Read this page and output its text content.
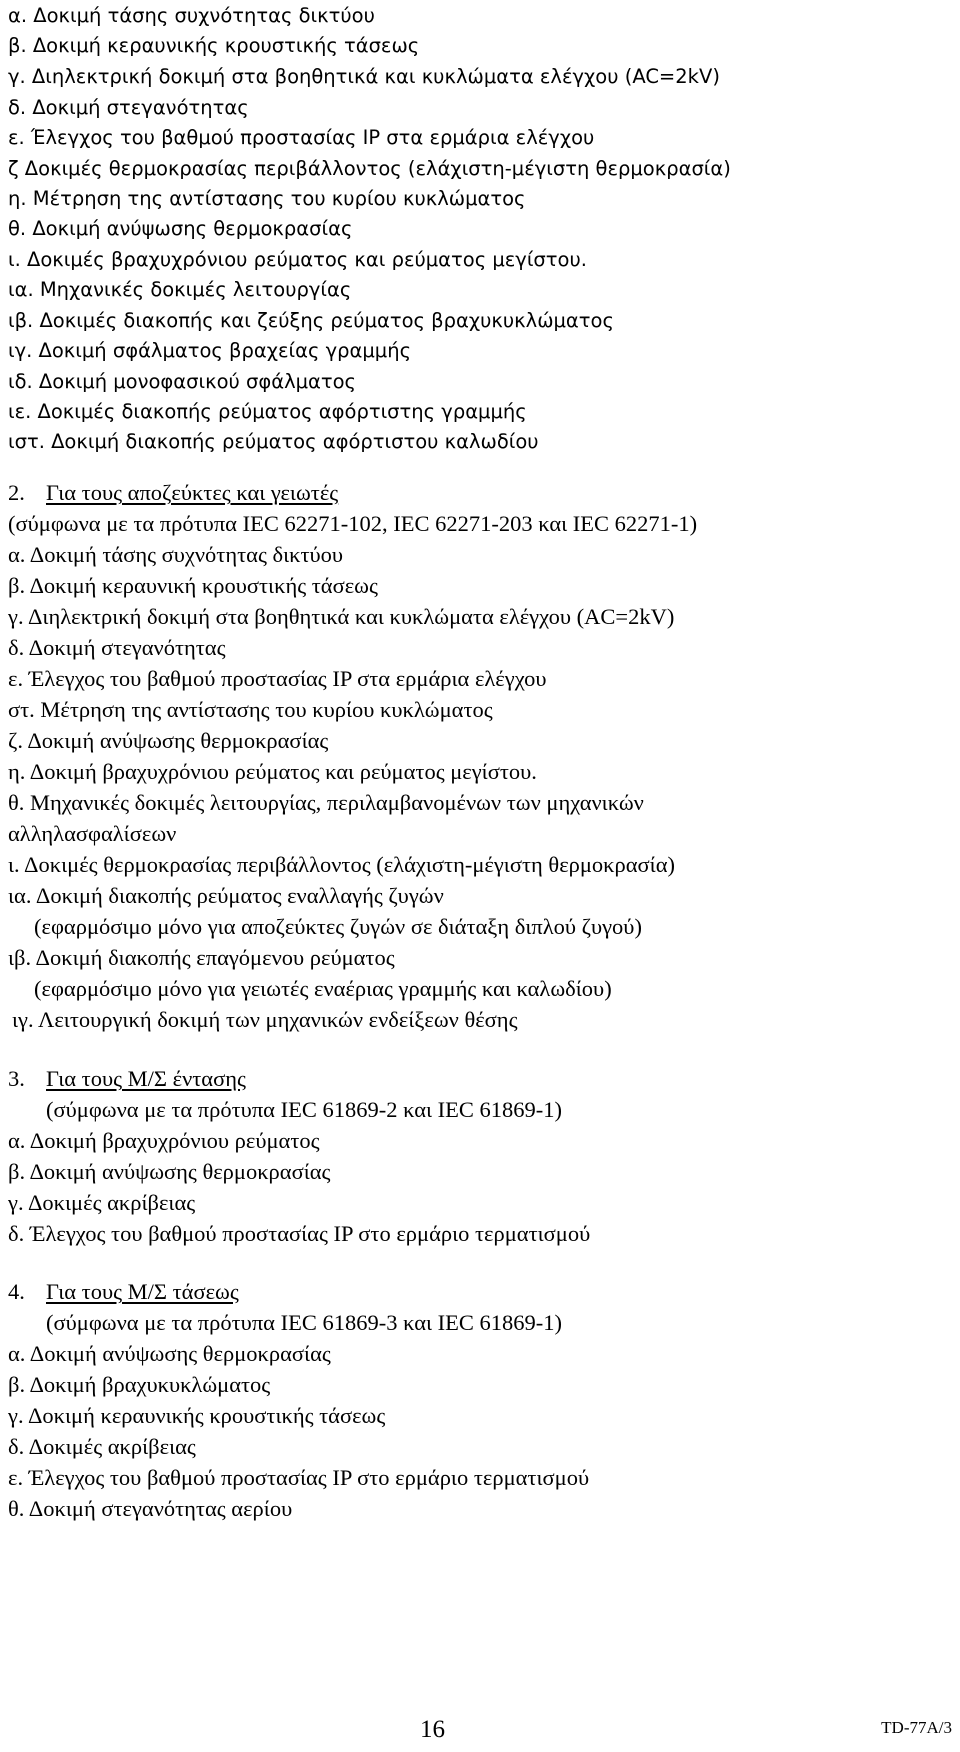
α. Δοκιμή τάσης συχνότητας δικτύου
β. Δοκιμή κεραυνικής κρουστικής τάσεως
γ. Διηλεκτρική δοκιμή στα βοηθητικά και κυκλώματα ελέγχου (AC=2kV)
δ. Δοκιμή στεγανότητας
ε. Έλεγχος του βαθμού προστασίας IP στα ερμάρια ελέγχου
ζ Δοκιμές θερμοκρασίας περιβάλλοντος (ελάχιστη-μέγιστη θερμοκρασία)
η. Μέτρηση της αντίστασης του κυρίου κυκλώματος
θ. Δοκιμή ανύψωσης θερμοκρασίας
ι. Δοκιμές βραχυχρόνιου ρεύματος και ρεύματος μεγίστου.
ια. Μηχανικές δοκιμές λειτουργίας
ιβ. Δοκιμές διακοπής και ζεύξης ρεύματος βραχυκυκλώματος
ιγ. Δοκιμή σφάλματος βραχείας γραμμής
ιδ. Δοκιμή μονοφασικού σφάλματος
ιε. Δοκιμές διακοπής ρεύματος αφόρτιστης γραμμής
ιστ. Δοκιμή διακοπής ρεύματος αφόρτιστου καλωδίου
2. Για τους αποζεύκτες και γειωτές
(σύμφωνα με τα πρότυπα IEC 62271-102, IEC 62271-203 και IEC 62271-1)
α. Δοκιμή τάσης συχνότητας δικτύου
β. Δοκιμή κεραυνική κρουστικής τάσεως
γ. Διηλεκτρική δοκιμή στα βοηθητικά και κυκλώματα ελέγχου (AC=2kV)
δ. Δοκιμή στεγανότητας
ε. Έλεγχος του βαθμού προστασίας IP στα ερμάρια ελέγχου
στ. Μέτρηση της αντίστασης του κυρίου κυκλώματος
ζ. Δοκιμή ανύψωσης θερμοκρασίας
η. Δοκιμή βραχυχρόνιου ρεύματος και ρεύματος μεγίστου.
θ. Μηχανικές δοκιμές λειτουργίας, περιλαμβανομένων των μηχανικών
αλληλασφαλίσεων
ι. Δοκιμές θερμοκρασίας περιβάλλοντος (ελάχιστη-μέγιστη θερμοκρασία)
ια. Δοκιμή διακοπής ρεύματος εναλλαγής ζυγών
(εφαρμόσιμο μόνο για αποζεύκτες ζυγών σε διάταξη διπλού ζυγού)
ιβ. Δοκιμή διακοπής επαγόμενου ρεύματος
(εφαρμόσιμο μόνο για γειωτές εναέριας γραμμής και καλωδίου)
ιγ. Λειτουργική δοκιμή των μηχανικών ενδείξεων θέσης
3. Για τους Μ/Σ έντασης
(σύμφωνα με τα πρότυπα IEC 61869-2 και IEC 61869-1)
α. Δοκιμή βραχυχρόνιου ρεύματος
β. Δοκιμή ανύψωσης θερμοκρασίας
γ. Δοκιμές ακρίβειας
δ. Έλεγχος του βαθμού προστασίας IP στο ερμάριο τερματισμού
4. Για τους Μ/Σ τάσεως
(σύμφωνα με τα πρότυπα IEC 61869-3 και IEC 61869-1)
α. Δοκιμή ανύψωσης θερμοκρασίας
β. Δοκιμή βραχυκυκλώματος
γ. Δοκιμή κεραυνικής κρουστικής τάσεως
δ. Δοκιμές ακρίβειας
ε. Έλεγχος του βαθμού προστασίας IP στο ερμάριο τερματισμού
θ. Δοκιμή στεγανότητας αερίου
16	TD-77A/3
